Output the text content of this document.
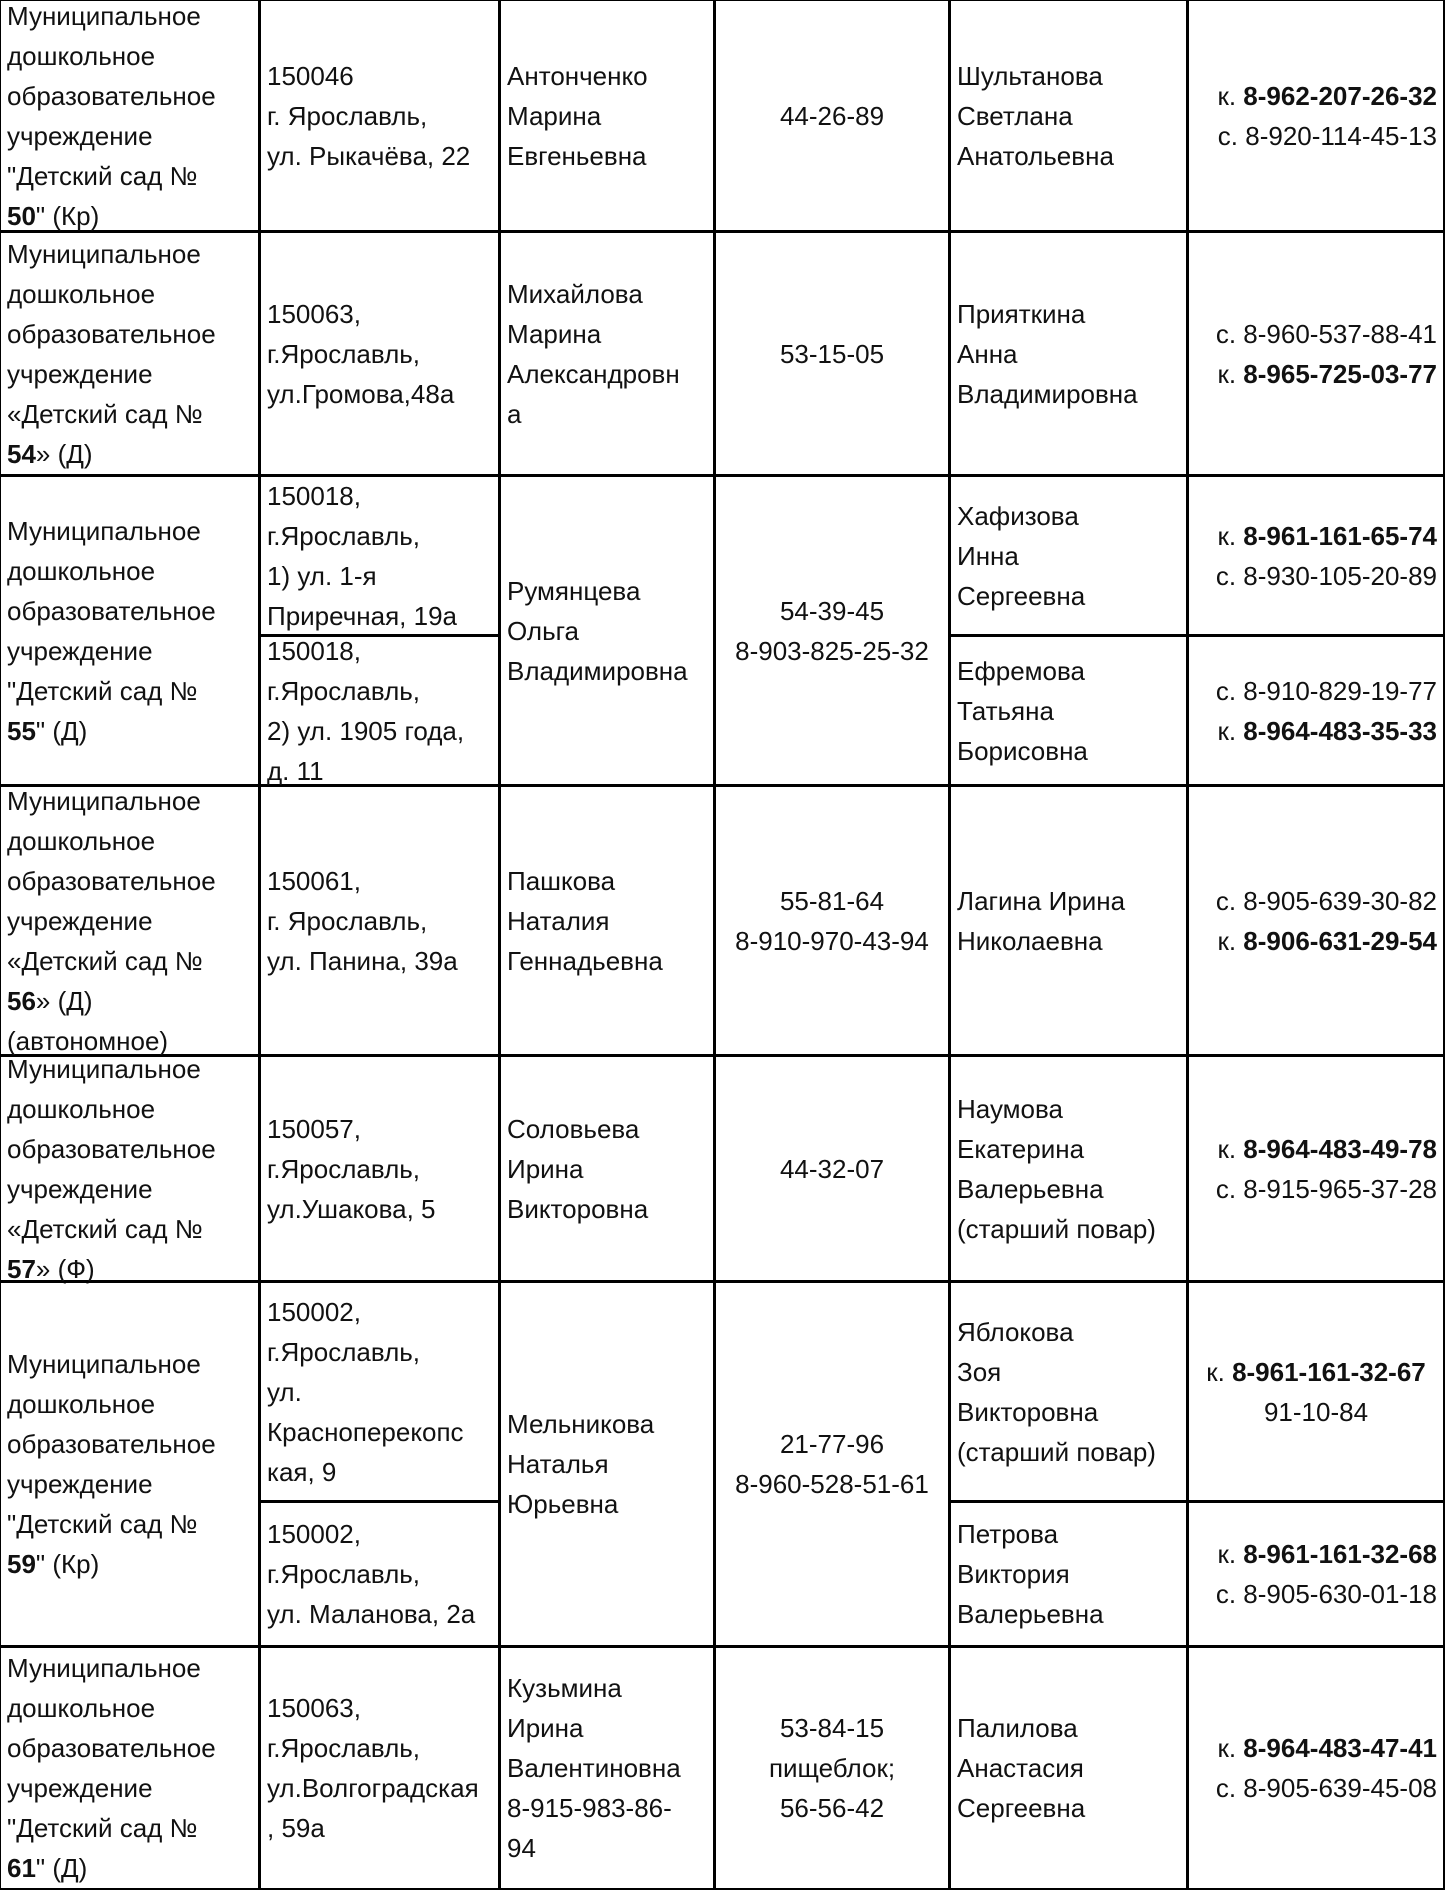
Муниципальное
дошкольное
образовательное
учреждение
"Детский сад №
50" (Кр)
150046
г. Ярославль,
ул. Рыкачёва, 22
Антонченко
Марина
Евгеньевна
44-26-89
Шультанова
Светлана
Анатольевна
к. 8-962-207-26-32
с. 8-920-114-45-13
Муниципальное
дошкольное
образовательное
учреждение
«Детский сад №
54» (Д)
150063,
г.Ярославль,
ул.Громова,48а
Михайлова
Марина
Александровн
а
53-15-05
Прияткина
Анна
Владимировна
с. 8-960-537-88-41
к. 8-965-725-03-77
Муниципальное
дошкольное
образовательное
учреждение
"Детский сад №
55" (Д)
150018,
г.Ярославль,
1) ул. 1-я
Приречная, 19а
150018,
г.Ярославль,
2) ул. 1905 года,
д. 11
Румянцева
Ольга
Владимировна
54-39-45
8-903-825-25-32
Хафизова
Инна
Сергеевна
к. 8-961-161-65-74
с. 8-930-105-20-89
Ефремова
Татьяна
Борисовна
с. 8-910-829-19-77
к. 8-964-483-35-33
Муниципальное
дошкольное
образовательное
учреждение
«Детский сад №
56» (Д)
(автономное)
150061,
г. Ярославль,
ул. Панина, 39а
Пашкова
Наталия
Геннадьевна
55-81-64
8-910-970-43-94
Лагина Ирина
Николаевна
с. 8-905-639-30-82
к. 8-906-631-29-54
Муниципальное
дошкольное
образовательное
учреждение
«Детский сад №
57» (Ф)
150057,
г.Ярославль,
ул.Ушакова, 5
Соловьева
Ирина
Викторовна
44-32-07
Наумова
Екатерина
Валерьевна
(старший повар)
к. 8-964-483-49-78
с. 8-915-965-37-28
Муниципальное
дошкольное
образовательное
учреждение
"Детский сад №
59" (Кр)
150002,
г.Ярославль,
ул.
Краснoперекопс
кая, 9
150002,
г.Ярославль,
ул. Маланова, 2а
Мельникова
Наталья
Юрьевна
21-77-96
8-960-528-51-61
Яблокова
Зоя
Викторовна
(старший повар)
к. 8-961-161-32-67
91-10-84
Петрова
Виктория
Валерьевна
к. 8-961-161-32-68
с. 8-905-630-01-18
Муниципальное
дошкольное
образовательное
учреждение
"Детский сад №
61" (Д)
150063,
г.Ярославль,
ул.Волгоградская
, 59а
Кузьмина
Ирина
Валентиновна
8-915-983-86-
94
53-84-15
пищеблок;
56-56-42
Палилова
Анастасия
Сергеевна
к. 8-964-483-47-41
с. 8-905-639-45-08
